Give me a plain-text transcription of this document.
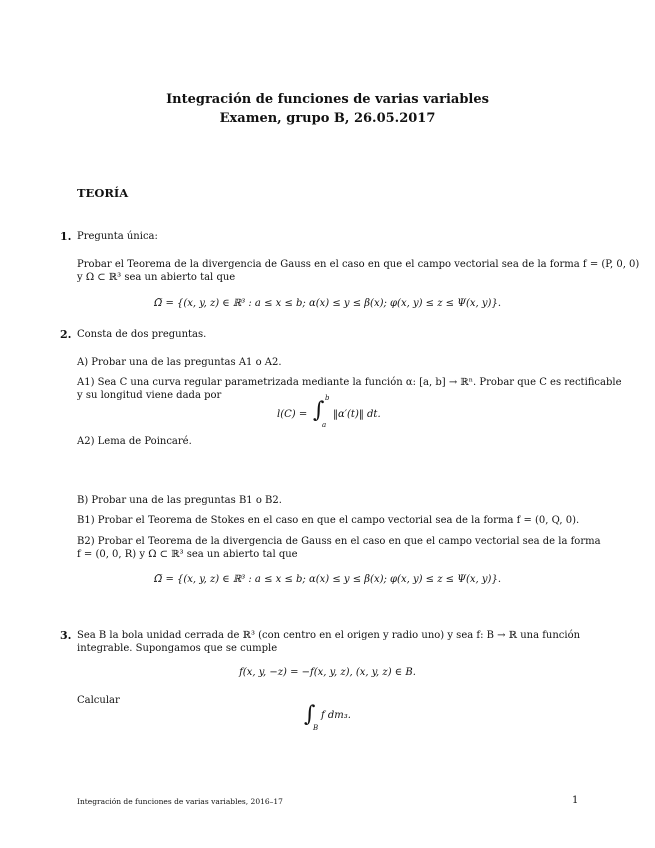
Integración de funciones de varias variables
Examen, grupo B, 26.05.2017
TEORÍA
1. Pregunta única:
Probar el Teorema de la divergencia de Gauss en el caso en que el campo vectorial sea de la forma f = (P, 0, 0)
y Ω ⊂ ℝ³ sea un abierto tal que
Ω̅ = {(x, y, z) ∈ ℝ³ : a ≤ x ≤ b; α(x) ≤ y ≤ β(x); φ(x, y) ≤ z ≤ Ψ(x, y)}.
2. Consta de dos preguntas.
A) Probar una de las preguntas A1 o A2.
A1) Sea C una curva regular parametrizada mediante la función α: [a, b] → ℝⁿ. Probar que C es rectificable
y su longitud viene dada por
l(C) = ∫ b
a
‖α′(t)‖ dt.
A2) Lema de Poincaré.
B) Probar una de las preguntas B1 o B2.
B1) Probar el Teorema de Stokes en el caso en que el campo vectorial sea de la forma f = (0, Q, 0).
B2) Probar el Teorema de la divergencia de Gauss en el caso en que el campo vectorial sea de la forma
f = (0, 0, R) y Ω ⊂ ℝ³ sea un abierto tal que
Ω̅ = {(x, y, z) ∈ ℝ³ : a ≤ x ≤ b; α(x) ≤ y ≤ β(x); φ(x, y) ≤ z ≤ Ψ(x, y)}.
3. Sea B la bola unidad cerrada de ℝ³ (con centro en el origen y radio uno) y sea f: B → ℝ una función
integrable. Supongamos que se cumple
f(x, y, −z) = −f(x, y, z), (x, y, z) ∈ B.
Calcular
∫
B
f dm₃.
Integración de funciones de varias variables, 2016–17	1
